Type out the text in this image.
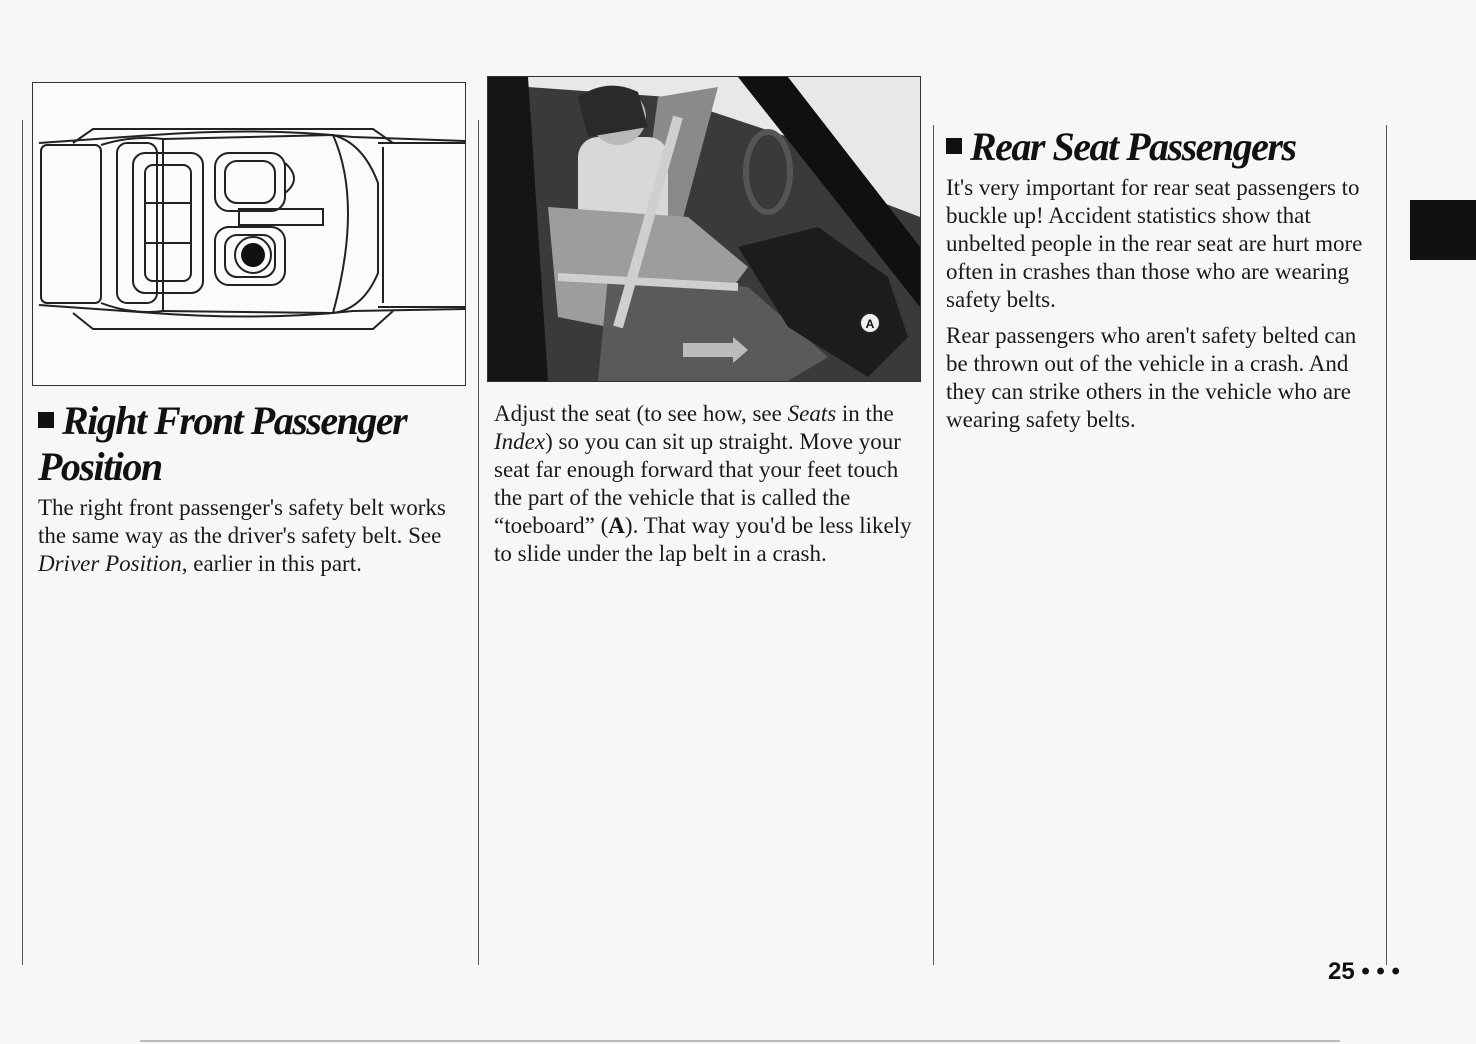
Right Front Passenger Position

The right front passenger's safety belt works the same way as the driver's safety belt. See Driver Position, earlier in this part.

A

Adjust the seat (to see how, see Seats in the Index) so you can sit up straight. Move your seat far enough forward that your feet touch the part of the vehicle that is called the “toeboard” (A). That way you'd be less likely to slide under the lap belt in a crash.

Rear Seat Passengers

It's very important for rear seat passengers to buckle up! Accident statistics show that unbelted people in the rear seat are hurt more often in crashes than those who are wearing safety belts.

Rear passengers who aren't safety belted can be thrown out of the vehicle in a crash. And they can strike others in the vehicle who are wearing safety belts.

25 • • •
